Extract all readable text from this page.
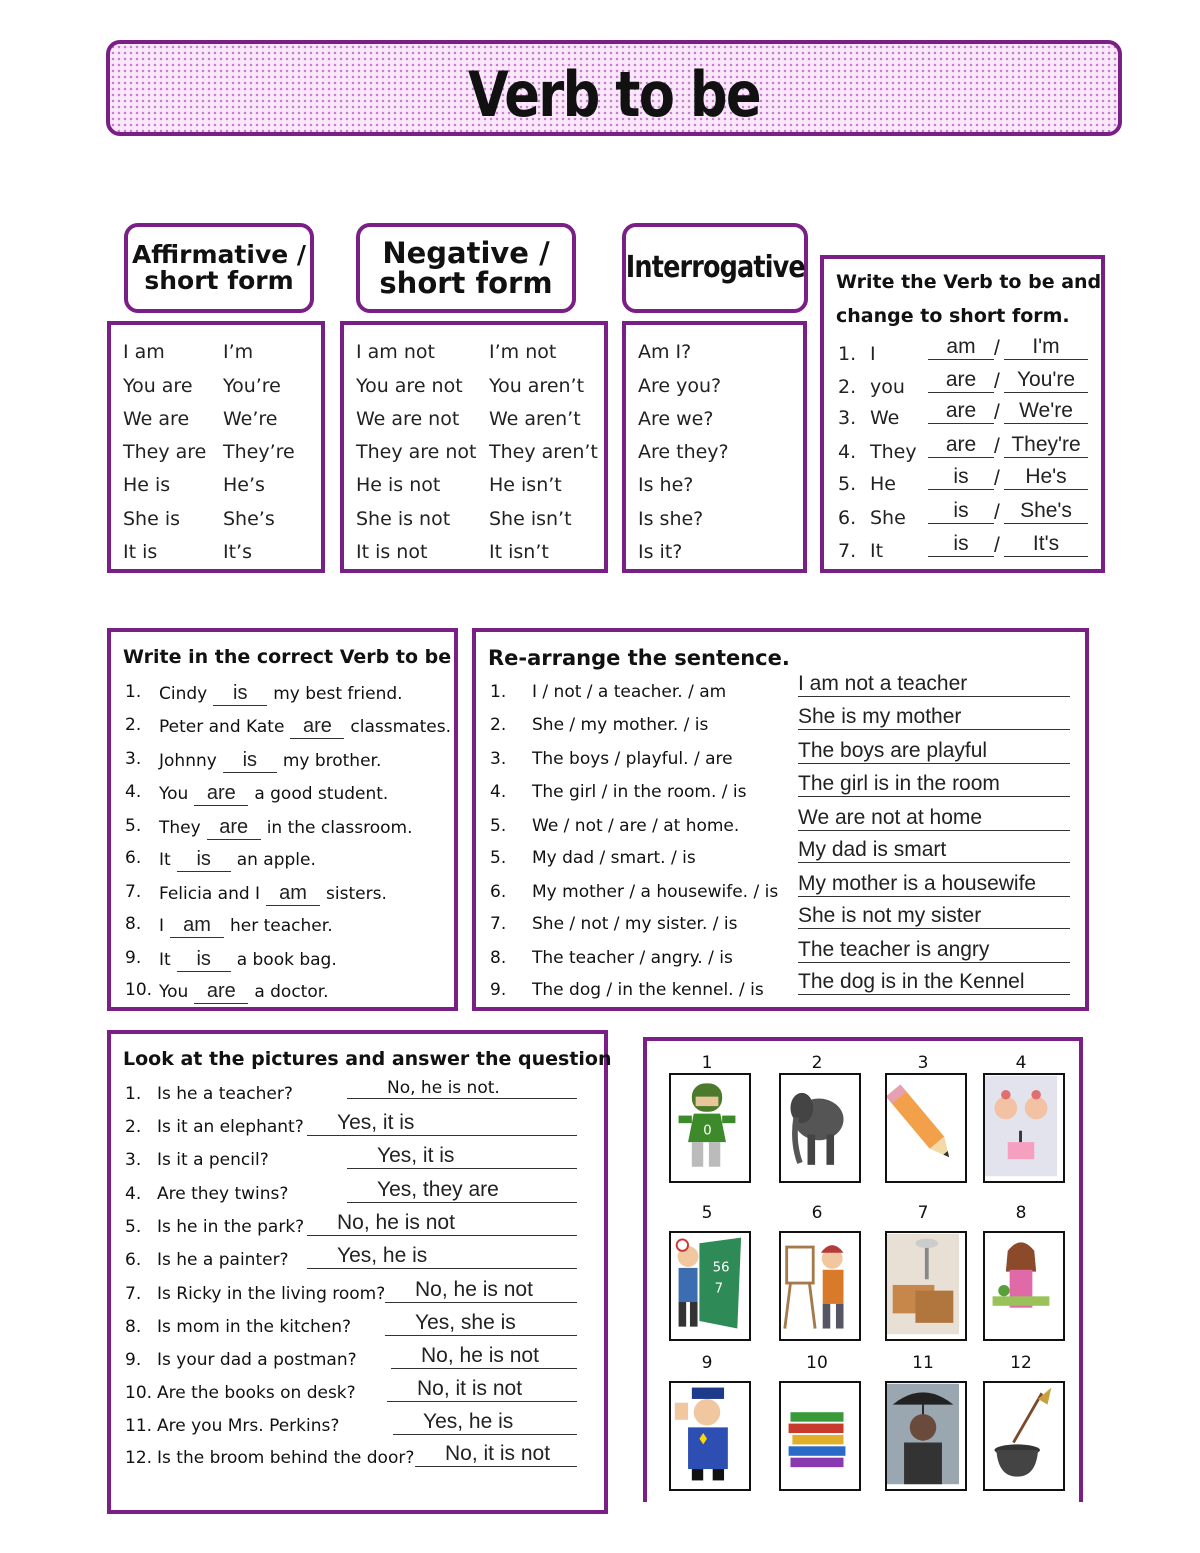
Verb to be
Affirmative /
short form
Negative /
short form Interrogative
I am	I’m
You are You’re
We are We’re
They are They’re
He is	He’s
She is She’s
It is	It’s
I am not	I’m not
You are not You aren’t
We are not We aren’t
They are not They aren’t
He is not	He isn’t
She is not She isn’t
It is not	It isn’t
Am I?
Are you?
Are we?
Are they?
Is he?
Is she?
Is it?
Write the Verb to be and
change to short form.
1. I	am /	I'm
2. you	are / You're
3. We	are / We're
4. They	are / They're
5. He	is	/	He's
6. She	is	/ She's
7. It	is	/	It's
Write in the correct Verb to be
1. Cindy	is	my best friend.
2. Peter and Kate are	classmates.
3. Johnny	is	my brother.
4. You are	a good student.
5. They are	in the classroom.
6. It	is	an apple.
7. Felicia and I am	sisters.
8. I am	her teacher.
9. It	is	a book bag.
10. You are	a doctor.
Re-arrange the sentence.
1. I / not / a teacher. / am	I am not a teacher
2. She / my mother. / is	She is my mother
3. The boys / playful. / are	The boys are playful
4. The girl / in the room. / is The girl is in the room
5. We / not / are / at home.	We are not at home
5. My dad / smart. / is	My dad is smart
6. My mother / a housewife. / is My mother is a housewife
7. She / not / my sister. / is	She is not my sister
8. The teacher / angry. / is	The teacher is angry
9. The dog / in the kennel. / is The dog is in the Kennel
Look at the pictures and answer the question
1. Is he a teacher?	No, he is not.
2. Is it an elephant?	Yes, it is
3. Is it a pencil?	Yes, it is
4. Are they twins?	Yes, they are
5. Is he in the park?	No, he is not
6. Is he a painter?	Yes, he is
7. Is Ricky in the living room?	No, he is not
8. Is mom in the kitchen?	Yes, she is
9. Is your dad a postman?	No, he is not
10. Are the books on desk?	No, it is not
11. Are you Mrs. Perkins?	Yes, he is
12. Is the broom behind the door?	No, it is not
1
0
2	3	4
5
56
7
6	7	8
9	10	11	12
